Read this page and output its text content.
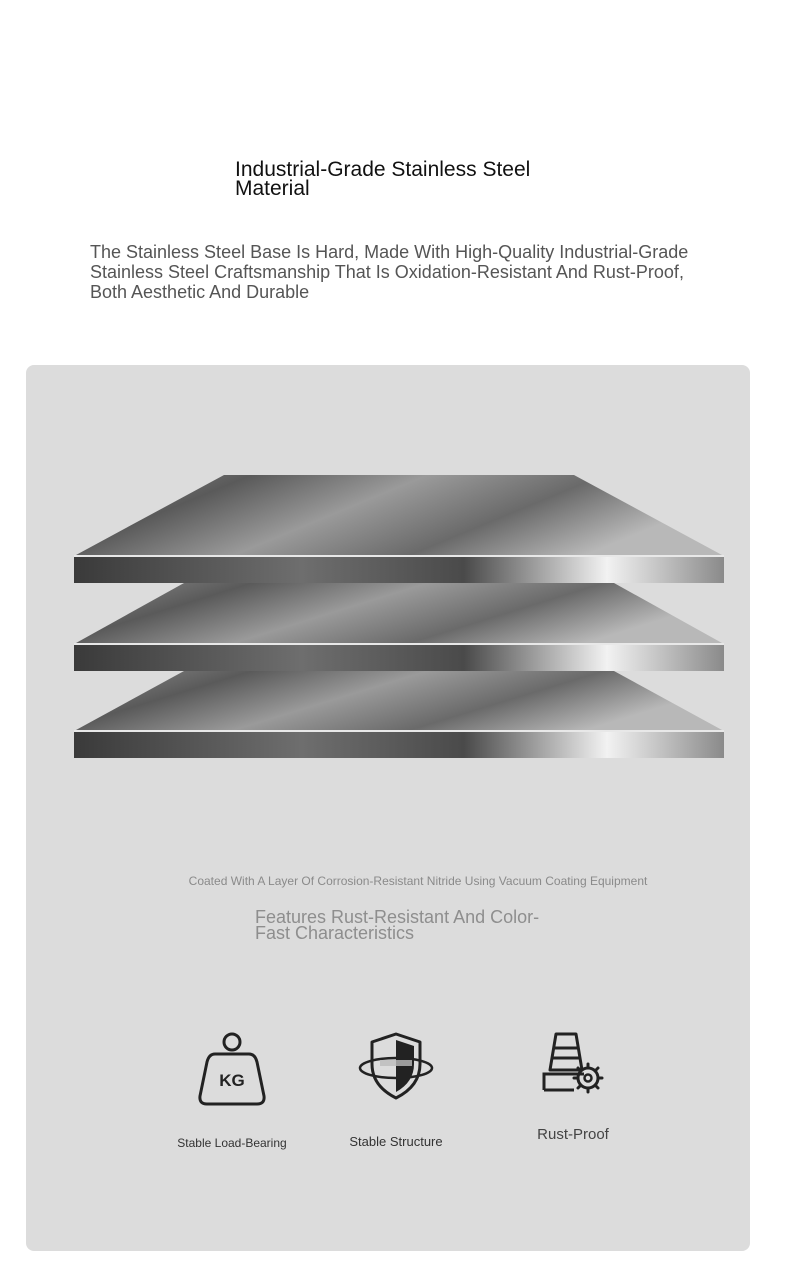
Industrial-Grade Stainless Steel Material

The Stainless Steel Base Is Hard, Made With High-Quality Industrial-Grade Stainless Steel Craftsmanship That Is Oxidation-Resistant And Rust-Proof, Both Aesthetic And Durable

Coated With A Layer Of Corrosion-Resistant Nitride Using Vacuum Coating Equipment

Features Rust-Resistant And Color-Fast Characteristics

KG
Stable Load-Bearing	Stable Structure	Rust-Proof
